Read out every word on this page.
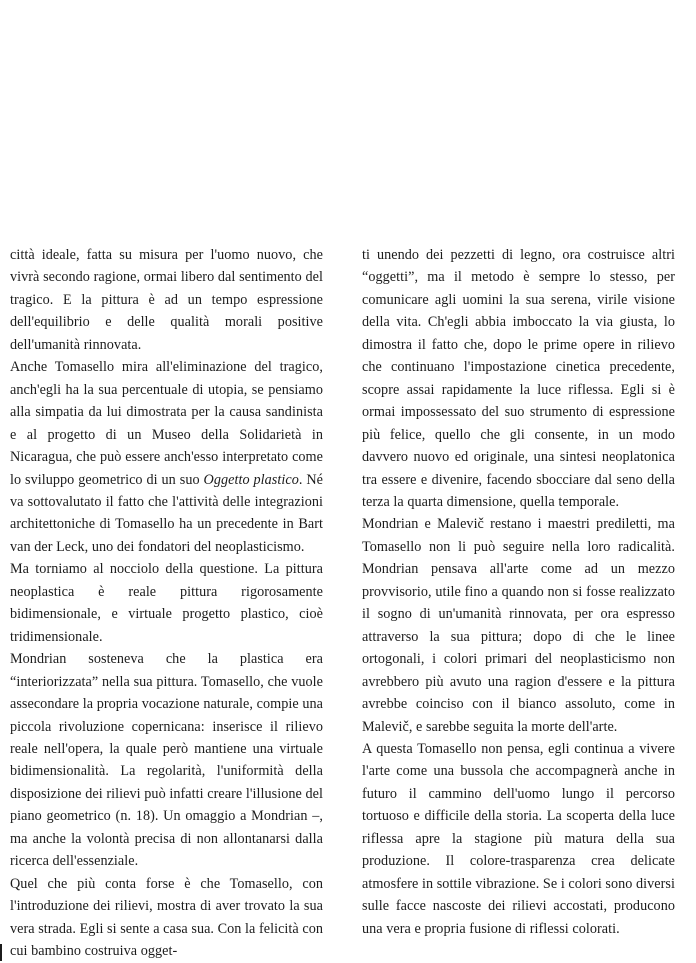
città ideale, fatta su misura per l'uomo nuovo, che vivrà secondo ragione, ormai libero dal sentimento del tragico. E la pittura è ad un tempo espressione dell'equilibrio e delle qualità morali positive dell'umanità rinnovata.

Anche Tomasello mira all'eliminazione del tragico, anch'egli ha la sua percentuale di utopia, se pensiamo alla simpatia da lui dimostrata per la causa sandinista e al progetto di un Museo della Solidarietà in Nicaragua, che può essere anch'esso interpretato come lo sviluppo geometrico di un suo Oggetto plastico. Né va sottovalutato il fatto che l'attività delle integrazioni architettoniche di Tomasello ha un precedente in Bart van der Leck, uno dei fondatori del neoplasticismo.

Ma torniamo al nocciolo della questione. La pittura neoplastica è reale pittura rigorosamente bidimensionale, e virtuale progetto plastico, cioè tridimensionale.

Mondrian sosteneva che la plastica era “interiorizzata” nella sua pittura. Tomasello, che vuole assecondare la propria vocazione naturale, compie una piccola rivoluzione copernicana: inserisce il rilievo reale nell'opera, la quale però mantiene una virtuale bidimensionalità. La regolarità, l'uniformità della disposizione dei rilievi può infatti creare l'illusione del piano geometrico (n. 18). Un omaggio a Mondrian –, ma anche la volontà precisa di non allontanarsi dalla ricerca dell'essenziale.

Quel che più conta forse è che Tomasello, con l'introduzione dei rilievi, mostra di aver trovato la sua vera strada. Egli si sente a casa sua. Con la felicità con cui bambino costruiva ogget-

ti unendo dei pezzetti di legno, ora costruisce altri “oggetti”, ma il metodo è sempre lo stesso, per comunicare agli uomini la sua serena, virile visione della vita. Ch'egli abbia imboccato la via giusta, lo dimostra il fatto che, dopo le prime opere in rilievo che continuano l'impostazione cinetica precedente, scopre assai rapidamente la luce riflessa. Egli si è ormai impossessato del suo strumento di espressione più felice, quello che gli consente, in un modo davvero nuovo ed originale, una sintesi neoplatonica tra essere e divenire, facendo sbocciare dal seno della terza la quarta dimensione, quella temporale.

Mondrian e Malevič restano i maestri prediletti, ma Tomasello non li può seguire nella loro radicalità. Mondrian pensava all'arte come ad un mezzo provvisorio, utile fino a quando non si fosse realizzato il sogno di un'umanità rinnovata, per ora espresso attraverso la sua pittura; dopo di che le linee ortogonali, i colori primari del neoplasticismo non avrebbero più avuto una ragion d'essere e la pittura avrebbe coinciso con il bianco assoluto, come in Malevič, e sarebbe seguita la morte dell'arte.

A questa Tomasello non pensa, egli continua a vivere l'arte come una bussola che accompagnerà anche in futuro il cammino dell'uomo lungo il percorso tortuoso e difficile della storia. La scoperta della luce riflessa apre la stagione più matura della sua produzione. Il colore-trasparenza crea delicate atmosfere in sottile vibrazione. Se i colori sono diversi sulle facce nascoste dei rilievi accostati, producono una vera e propria fusione di riflessi colorati.
